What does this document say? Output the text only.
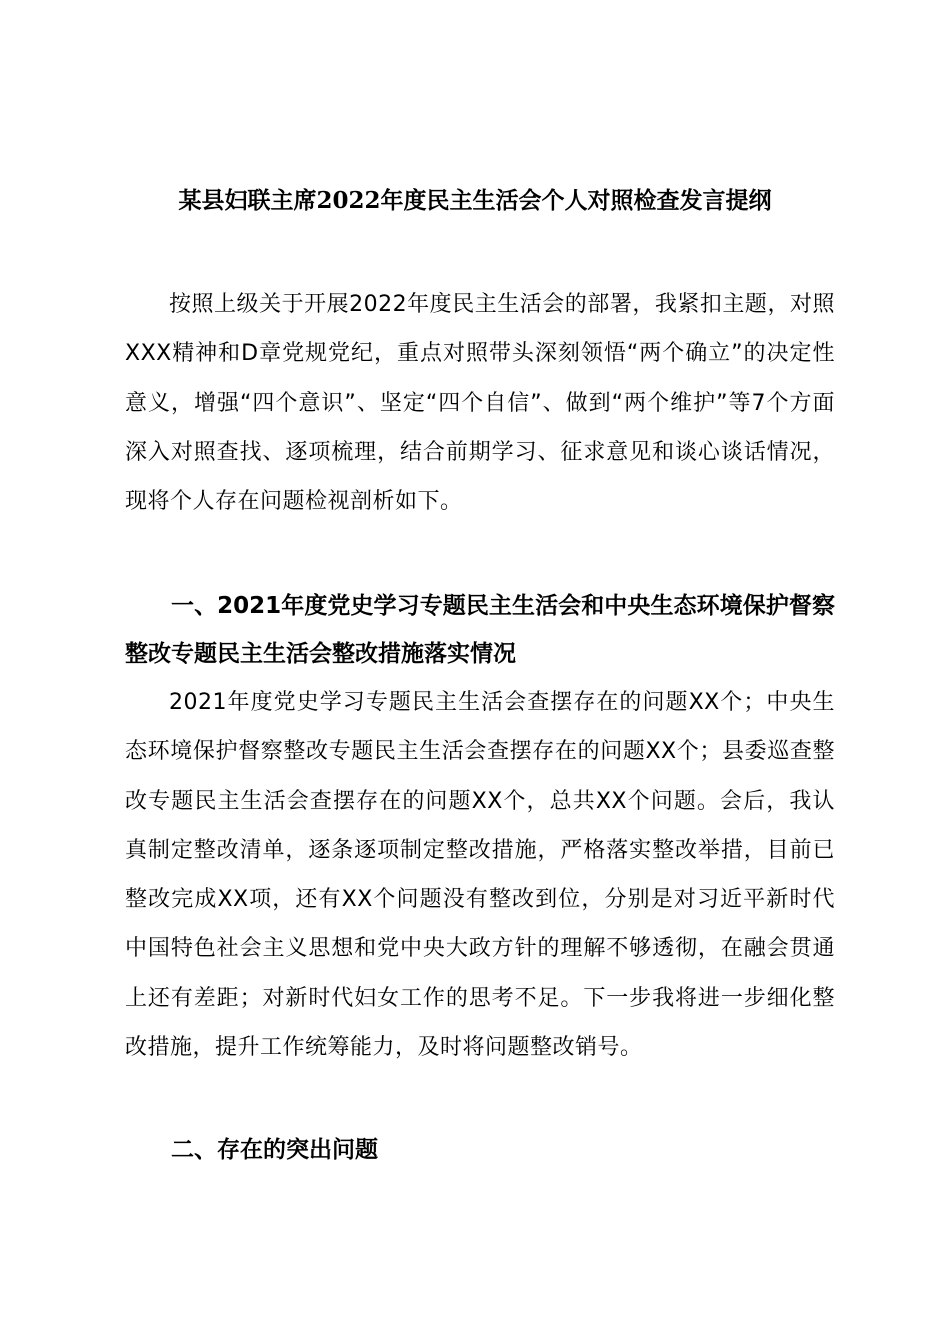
某县妇联主席2022年度民主生活会个人对照检查发言提纲

按照上级关于开展2022年度民主生活会的部署，我紧扣主题，对照XXX精神和D章党规党纪，重点对照带头深刻领悟“两个确立”的决定性意义，增强“四个意识”、坚定“四个自信”、做到“两个维护”等7个方面深入对照查找、逐项梳理，结合前期学习、征求意见和谈心谈话情况，现将个人存在问题检视剖析如下。

一、2021年度党史学习专题民主生活会和中央生态环境保护督察整改专题民主生活会整改措施落实情况

2021年度党史学习专题民主生活会查摆存在的问题XX个；中央生态环境保护督察整改专题民主生活会查摆存在的问题XX个；县委巡查整改专题民主生活会查摆存在的问题XX个，总共XX个问题。会后，我认真制定整改清单，逐条逐项制定整改措施，严格落实整改举措，目前已整改完成XX项，还有XX个问题没有整改到位，分别是对习近平新时代中国特色社会主义思想和党中央大政方针的理解不够透彻，在融会贯通上还有差距；对新时代妇女工作的思考不足。下一步我将进一步细化整改措施，提升工作统筹能力，及时将问题整改销号。

二、存在的突出问题
